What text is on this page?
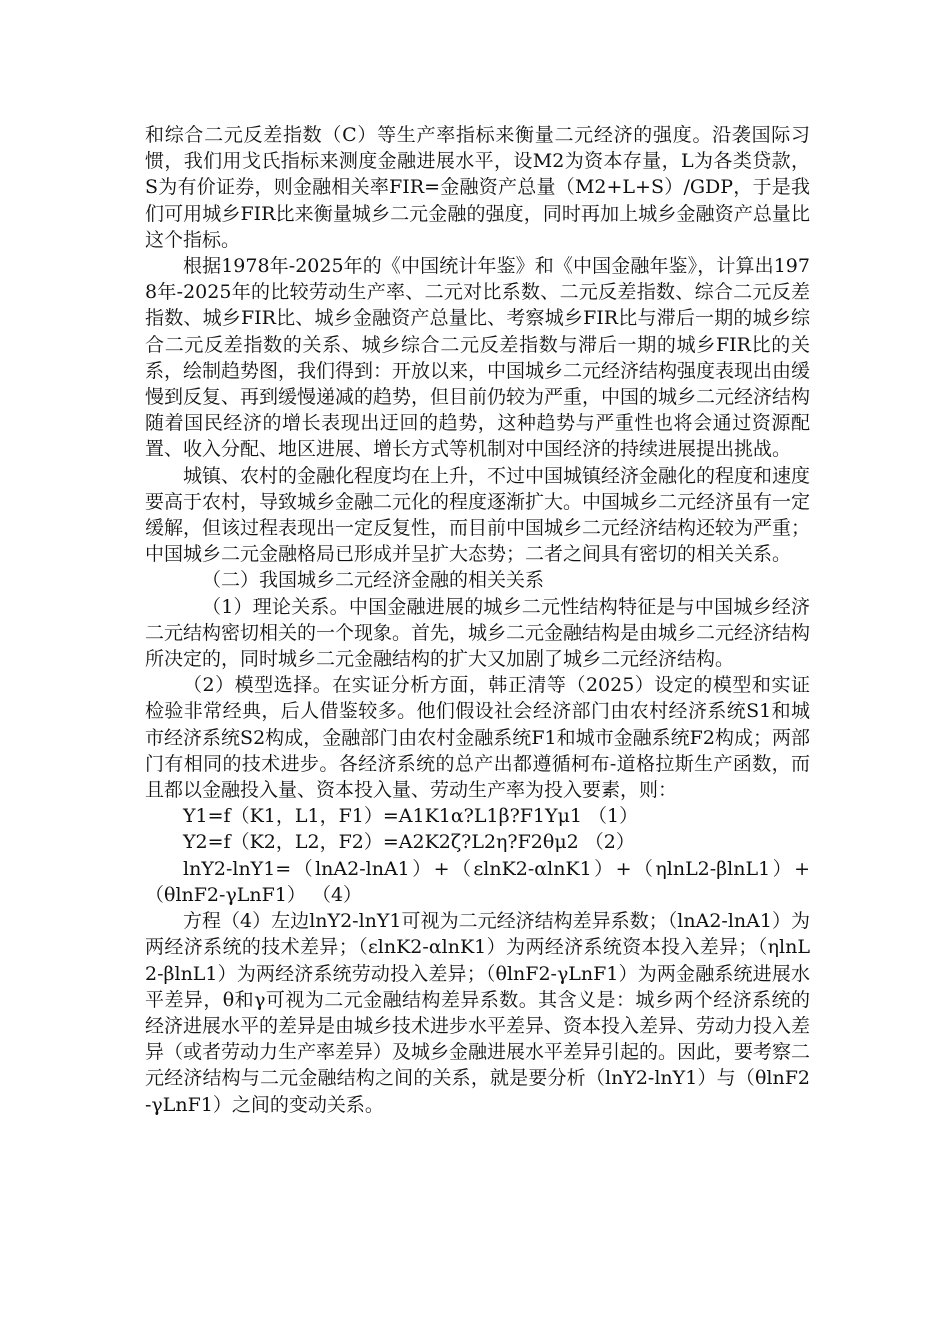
和综合二元反差指数（C）等生产率指标来衡量二元经济的强度。沿袭国际习惯，我们用戈氏指标来测度金融进展水平，设M2为资本存量，L为各类贷款，S为有价证券，则金融相关率FIR=金融资产总量（M2+L+S）/GDP，于是我们可用城乡FIR比来衡量城乡二元金融的强度，同时再加上城乡金融资产总量比这个指标。

根据1978年-2025年的《中国统计年鉴》和《中国金融年鉴》，计算出1978年-2025年的比较劳动生产率、二元对比系数、二元反差指数、综合二元反差指数、城乡FIR比、城乡金融资产总量比、考察城乡FIR比与滞后一期的城乡综合二元反差指数的关系、城乡综合二元反差指数与滞后一期的城乡FIR比的关系，绘制趋势图，我们得到：开放以来，中国城乡二元经济结构强度表现出由缓慢到反复、再到缓慢递减的趋势，但目前仍较为严重，中国的城乡二元经济结构随着国民经济的增长表现出迂回的趋势，这种趋势与严重性也将会通过资源配置、收入分配、地区进展、增长方式等机制对中国经济的持续进展提出挑战。

城镇、农村的金融化程度均在上升，不过中国城镇经济金融化的程度和速度要高于农村，导致城乡金融二元化的程度逐渐扩大。中国城乡二元经济虽有一定缓解，但该过程表现出一定反复性，而目前中国城乡二元经济结构还较为严重；中国城乡二元金融格局已形成并呈扩大态势；二者之间具有密切的相关关系。

（二）我国城乡二元经济金融的相关关系

（1）理论关系。中国金融进展的城乡二元性结构特征是与中国城乡经济二元结构密切相关的一个现象。首先，城乡二元金融结构是由城乡二元经济结构所决定的，同时城乡二元金融结构的扩大又加剧了城乡二元经济结构。

（2）模型选择。在实证分析方面，韩正清等（2025）设定的模型和实证检验非常经典，后人借鉴较多。他们假设社会经济部门由农村经济系统S1和城市经济系统S2构成，金融部门由农村金融系统F1和城市金融系统F2构成；两部门有相同的技术进步。各经济系统的总产出都遵循柯布-道格拉斯生产函数，而且都以金融投入量、资本投入量、劳动生产率为投入要素，则：

Y1=f（K1，L1，F1）=A1K1α?L1β?F1Υμ1 （1）

Y2=f（K2，L2，F2）=A2K2ζ?L2η?F2θμ2 （2）

lnY2-lnY1=（lnA2-lnA1）+（εlnK2-αlnK1）+（ηlnL2-βlnL1）+（θlnF2-γLnF1） （4）

方程（4）左边lnY2-lnY1可视为二元经济结构差异系数；（lnA2-lnA1）为两经济系统的技术差异；（εlnK2-αlnK1）为两经济系统资本投入差异；（ηlnL2-βlnL1）为两经济系统劳动投入差异；（θlnF2-γLnF1）为两金融系统进展水平差异，θ和γ可视为二元金融结构差异系数。其含义是：城乡两个经济系统的经济进展水平的差异是由城乡技术进步水平差异、资本投入差异、劳动力投入差异（或者劳动力生产率差异）及城乡金融进展水平差异引起的。因此，要考察二元经济结构与二元金融结构之间的关系，就是要分析（lnY2-lnY1）与（θlnF2-γLnF1）之间的变动关系。
